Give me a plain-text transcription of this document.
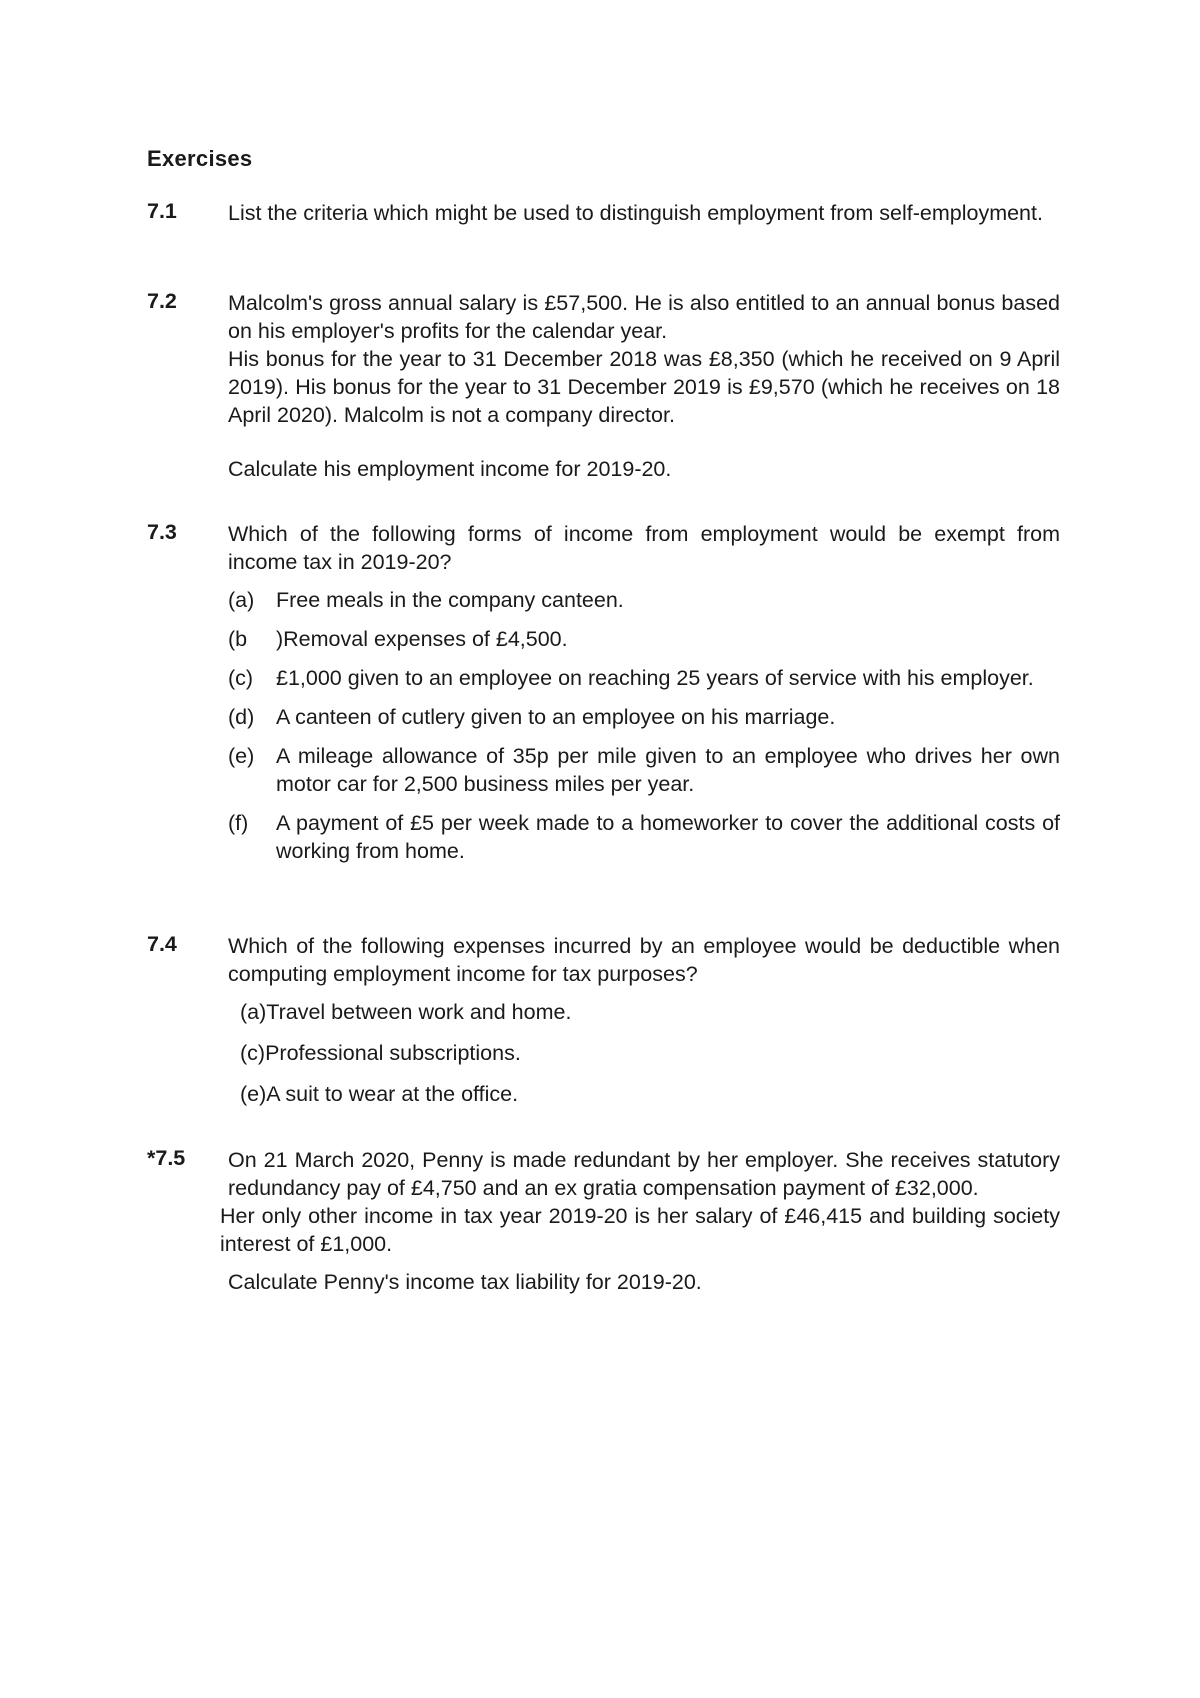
Exercises
7.1 List the criteria which might be used to distinguish employment from self-employment.

7.2 Malcolm's gross annual salary is £57,500. He is also entitled to an annual bonus based on his employer's profits for the calendar year.

His bonus for the year to 31 December 2018 was £8,350 (which he received on 9 April 2019). His bonus for the year to 31 December 2019 is £9,570 (which he receives on 18 April 2020). Malcolm is not a company director.

Calculate his employment income for 2019-20.

7.3 Which of the following forms of income from employment would be exempt from income tax in 2019-20?

(a)	Free meals in the company canteen.
(b	)Removal expenses of £4,500.
(c)	£1,000 given to an employee on reaching 25 years of service with his employer.
(d)	A canteen of cutlery given to an employee on his marriage.
(e)	A mileage allowance of 35p per mile given to an employee who drives her own motor car for 2,500 business miles per year.
(f)	A payment of £5 per week made to a homeworker to cover the additional costs of working from home.
7.4 Which of the following expenses incurred by an employee would be deductible when computing employment income for tax purposes?

(a)Travel between work and home.
(c)Professional subscriptions.
(e)A suit to wear at the office.
*7.5 On 21 March 2020, Penny is made redundant by her employer. She receives statutory redundancy pay of £4,750 and an ex gratia compensation payment of £32,000.

Her only other income in tax year 2019-20 is her salary of £46,415 and building society interest of £1,000.

Calculate Penny's income tax liability for 2019-20.
